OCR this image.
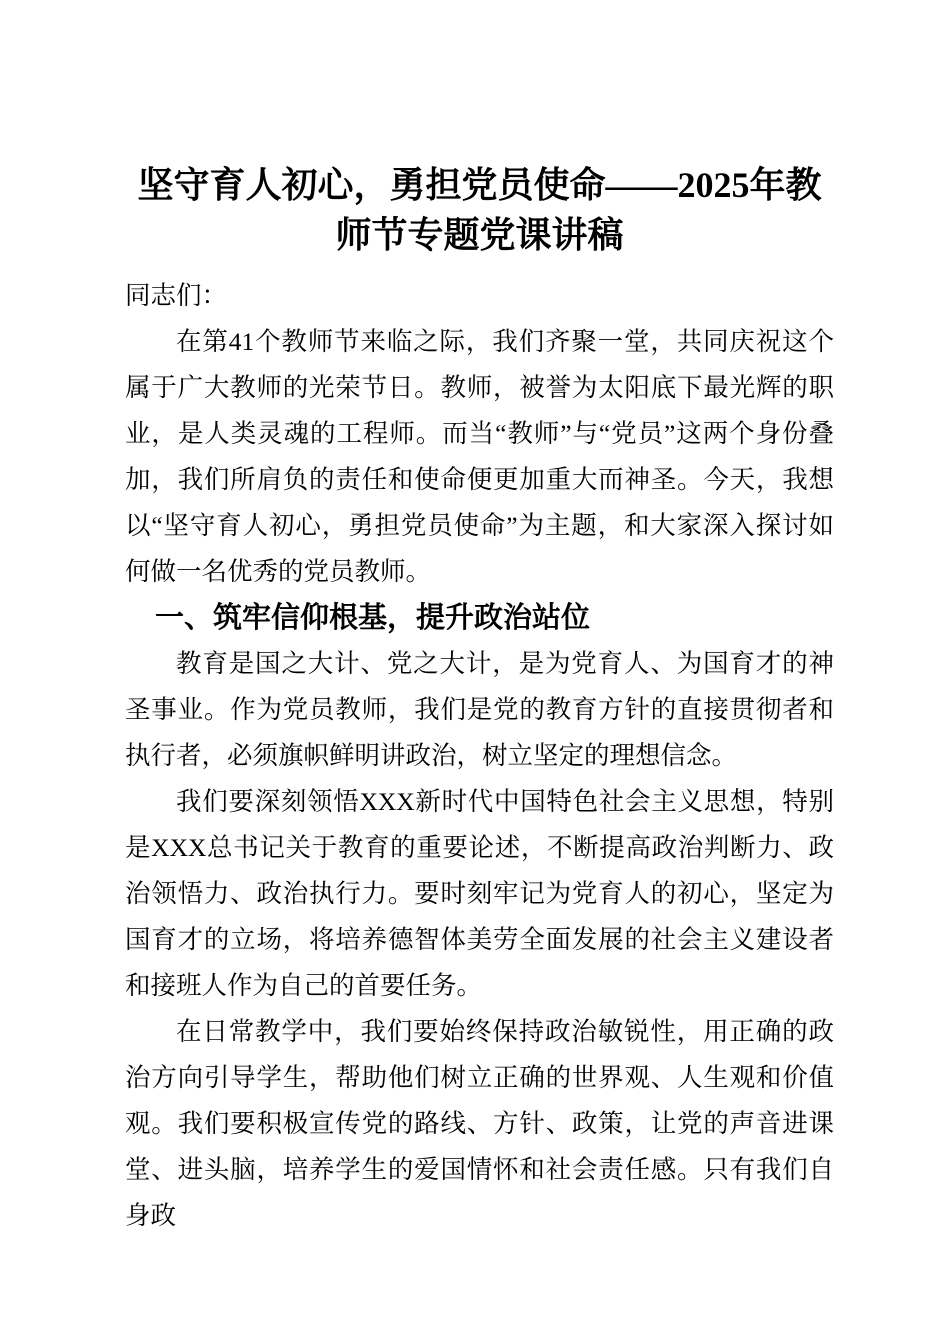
坚守育人初心，勇担党员使命——2025年教师节专题党课讲稿

同志们：

在第41个教师节来临之际，我们齐聚一堂，共同庆祝这个属于广大教师的光荣节日。教师，被誉为太阳底下最光辉的职业，是人类灵魂的工程师。而当“教师”与“党员”这两个身份叠加，我们所肩负的责任和使命便更加重大而神圣。今天，我想以“坚守育人初心，勇担党员使命”为主题，和大家深入探讨如何做一名优秀的党员教师。

一、筑牢信仰根基，提升政治站位

教育是国之大计、党之大计，是为党育人、为国育才的神圣事业。作为党员教师，我们是党的教育方针的直接贯彻者和执行者，必须旗帜鲜明讲政治，树立坚定的理想信念。

我们要深刻领悟XXX新时代中国特色社会主义思想，特别是XXX总书记关于教育的重要论述，不断提高政治判断力、政治领悟力、政治执行力。要时刻牢记为党育人的初心，坚定为国育才的立场，将培养德智体美劳全面发展的社会主义建设者和接班人作为自己的首要任务。

在日常教学中，我们要始终保持政治敏锐性，用正确的政治方向引导学生，帮助他们树立正确的世界观、人生观和价值观。我们要积极宣传党的路线、方针、政策，让党的声音进课堂、进头脑，培养学生的爱国情怀和社会责任感。只有我们自身政
